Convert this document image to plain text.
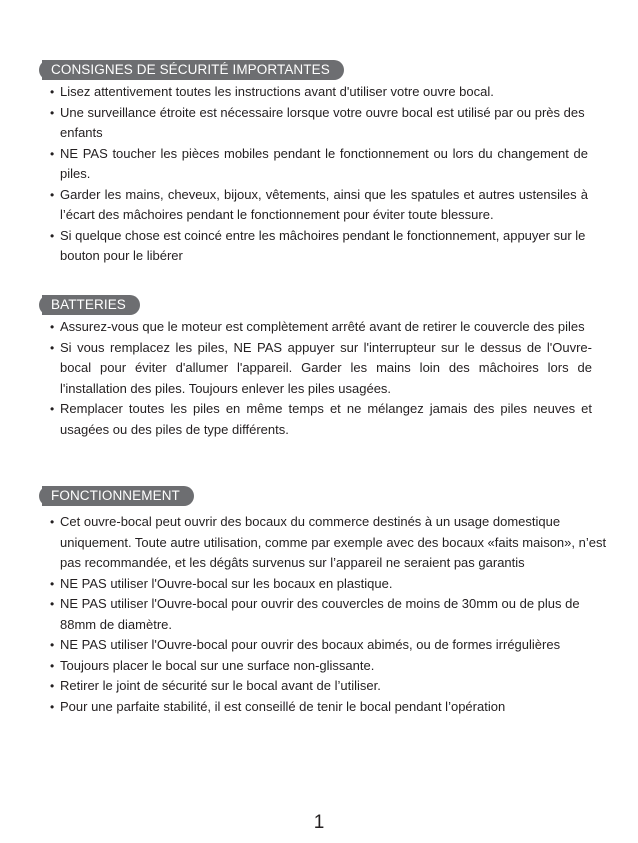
CONSIGNES DE SÉCURITÉ IMPORTANTES
• Lisez attentivement toutes les instructions avant d'utiliser votre ouvre bocal.
• Une surveillance étroite est nécessaire lorsque votre ouvre bocal est utilisé par ou près des enfants
• NE PAS toucher les pièces mobiles pendant le fonctionnement ou lors du changement de piles.
• Garder les mains, cheveux, bijoux, vêtements, ainsi que les spatules et autres ustensiles à l’écart des mâchoires pendant le fonctionnement pour éviter toute blessure.
• Si quelque chose est coincé entre les mâchoires pendant le fonctionnement, appuyer sur le bouton pour le libérer
BATTERIES
• Assurez-vous que le moteur est complètement arrêté avant de retirer le couvercle des piles
• Si vous remplacez les piles, NE PAS appuyer sur l'interrupteur sur le dessus de l'Ouvre-bocal pour éviter d'allumer l'appareil. Garder les mains loin des mâchoires lors de l'installation des piles. Toujours enlever les piles usagées.
• Remplacer toutes les piles en même temps et ne mélangez jamais des piles neuves et usagées ou des piles de type différents.
FONCTIONNEMENT
• Cet ouvre-bocal peut ouvrir des bocaux du commerce destinés à un usage domestique uniquement. Toute autre utilisation, comme par exemple avec des bocaux «faits maison», n’est pas recommandée, et les dégâts survenus sur l’appareil ne seraient pas garantis
• NE PAS utiliser l'Ouvre-bocal sur les bocaux en plastique.
• NE PAS utiliser l'Ouvre-bocal pour ouvrir des couvercles de moins de 30mm ou de plus de 88mm de diamètre.
• NE PAS utiliser l'Ouvre-bocal pour ouvrir des bocaux abimés, ou de formes irrégulières
• Toujours placer le bocal sur une surface non-glissante.
• Retirer le joint de sécurité sur le bocal avant de l’utiliser.
• Pour une parfaite stabilité, il est conseillé de tenir le bocal pendant l’opération
1
